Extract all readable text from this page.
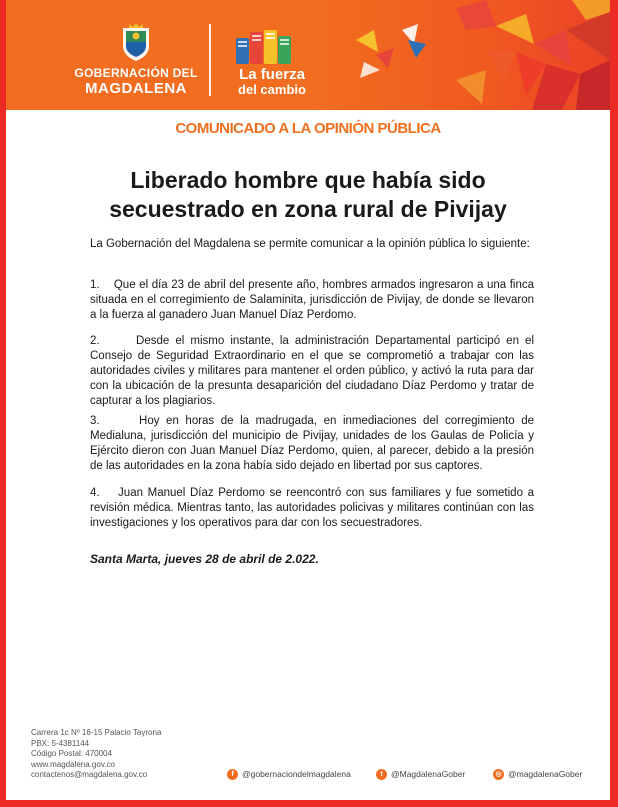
GOBERNACIÓN DEL
MAGDALENA
La fuerza
del cambio
COMUNICADO A LA OPINIÓN PÚBLICA
Liberado hombre que había sido
secuestrado en zona rural de Pivijay

La Gobernación del Magdalena se permite comunicar a la opinión pública lo siguiente:

1.    Que el día 23 de abril del presente año, hombres armados ingresaron a una finca situada en el corregimiento de Salaminita, jurisdicción de Pivijay, de donde se llevaron a la fuerza al ganadero Juan Manuel Díaz Perdomo.

2.      Desde el mismo instante, la administración Departamental participó en el Consejo de Seguridad Extraordinario en el que se comprometió a trabajar con las autoridades civiles y militares para mantener el orden público, y activó la ruta para dar con la ubicación de la presunta desaparición del ciudadano Díaz Perdomo y tratar de capturar a los plagiarios.

3.      Hoy en horas de la madrugada, en inmediaciones del corregimiento de Medialuna, jurisdicción del municipio de Pivijay, unidades de los Gaulas de Policía y Ejército dieron con Juan Manuel Díaz Perdomo, quien, al parecer, debido a la presión de las autoridades en la zona había sido dejado en libertad por sus captores.

4.    Juan Manuel Díaz Perdomo se reencontró con sus familiares y fue sometido a revisión médica. Mientras tanto, las autoridades policivas y militares continúan con las investigaciones y los operativos para dar con los secuestradores.

Santa Marta, jueves 28 de abril de 2.022.
Carrera 1c Nº 16-15 Palacio Tayrona
PBX: 5-4381144
Código Postal: 470004
www.magdalena.gov.co
contactenos@magdalena.gov.co	f @gobernaciondelmagdalena	t @MagdalenaGober	◎ @magdalenaGober
